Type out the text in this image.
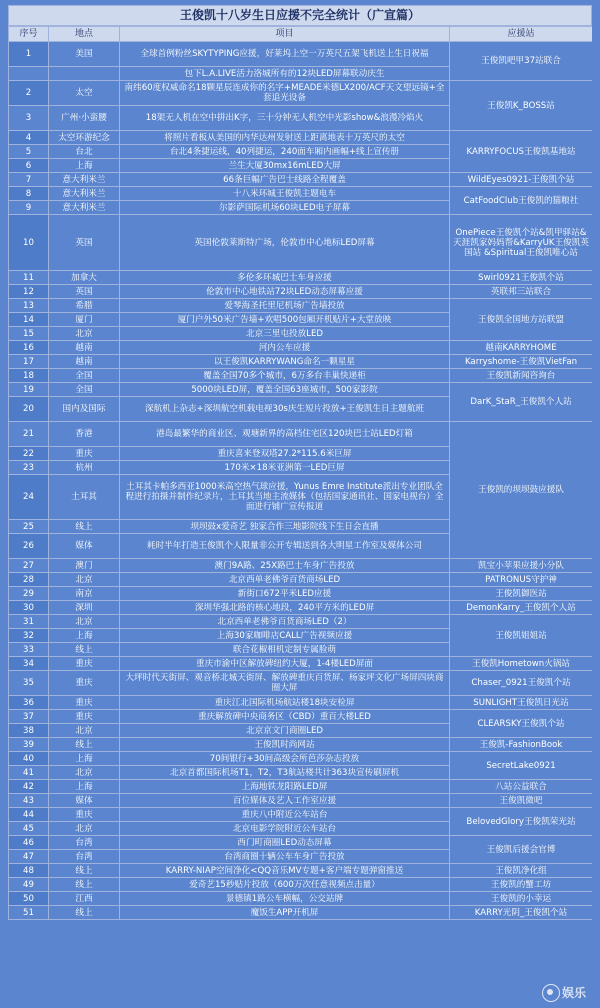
王俊凯十八岁生日应援不完全统计（广宣篇）
序号	地点	项目	应援站
1	美国	全球首例粉丝SKYTYPING应援，好莱坞上空一万英尺五架飞机送上生日祝福	王俊凯吧甲37站联合
		包下L.A.LIVE活力洛城所有的12块LED屏幕联动庆生	
2	太空	南纬60度权威命名18颗星辰连成你的名字+MEADE米德LX200/ACF天文望远镜+全套追光设备	王俊凯K_BOSS站
3	广州·小蛮腰	18架无人机在空中拼出K字，三十分钟无人机空中光影show&浪漫冷焰火	
4	太空环游纪念	将照片看板从美国的内华达州发射送上距离地表十万英尺的太空	KARRYFOCUS王俊凯基地站
5	台北	台北4条捷运线，40列捷运，240面车厢内画幅+线上宣传册	
6	上海	兰生大厦30mx16mLED大屏	
7	意大利米兰	66条巨幅广告巴士线路全程覆盖	WildEyes0921-王俊凯个站
8	意大利米兰	十八米环城王俊凯主题电车	CatFoodClub王俊凯的猫粮社
9	意大利米兰	尔影萨国际机场60块LED电子屏幕	
10	英国	英国伦敦莱斯特广场，伦敦市中心地标LED屏幕	OnePiece王俊凯个站&凯甲驿站&天涯凯家妈妈帮&KarryUK王俊凯英国站 &Spiritual王俊凯唯心站
11	加拿大	多伦多环城巴士车身应援	Swirl0921王俊凯个站
12	英国	伦敦市中心地铁站72块LED动态屏幕应援	英联邦三站联合
13	希腊	爱琴海圣托里尼机场广告墙投放	王俊凯全国地方站联盟
14	厦门	厦门户外50米广告墙+欢唱500包厢开机贴片+大堂放映	
15	北京	北京三里屯投放LED	
16	越南	河内公车应援	越南KARRYHOME
17	越南	以王俊凯KARRYWANG命名一颗星星	Karryshome-王俊凯VietFan
18	全国	覆盖全国70多个城市，6万多台丰巢快递柜	王俊凯新闻咨询台
19	全国	5000块LED屏，覆盖全国63座城市，500家影院	DarK_StaR_王俊凯个人站
20	国内及国际	深航机上杂志+深圳航空机载电视30s庆生短片投放+王俊凯生日主题航班	
21	香港	港岛最繁华的商业区、观塘新界的高档住宅区120块巴士站LED灯箱	王俊凯的坝坝鼓应援队
22	重庆	重庆喜来登双塔27.2*115.6米巨屏	
23	杭州	170米×18米亚洲第一LED巨屏	
24	土耳其	土耳其卡帕多西亚1000米高空热气球应援，Yunus Emre Institute派出专业团队全程进行拍摄并制作纪录片，土耳其当地主流媒体（包括国家通讯社、国家电视台）全面进行铺广宣传报道	
25	线上	坝坝鼓x爱奇艺 独家合作三地影院线下生日会直播	
26	媒体	耗时半年打造王俊凯个人限量非公开专辑送到各大明星工作室及媒体公司	
27	澳门	澳门9A路、25X路巴士车身广告投放	凯宝小苹果应援小分队
28	北京	北京西单老佛爷百货商场LED	PATRONUS守护神
29	南京	新街口672平米LED应援	王俊凯御医站
30	深圳	深圳华强北路的核心地段，240平方米的LED屏	DemonKarry_王俊凯个人站
31	北京	北京西单老佛爷百货商场LED（2）	王俊凯姐姐站
32	上海	上海30家咖啡店CALL广告视频应援	
33	线上	联合花椒相机定制专属脸萌	
34	重庆	重庆市渝中区解放碑纽约大厦，1-4楼LED屏面	王俊凯Hometown火锅站
35	重庆	大坪时代天街屏、观音桥北城天街屏、解放碑重庆百货屏、杨家坪文化广场屏四块商圈大屏	Chaser_0921王俊凯个站
36	重庆	重庆江北国际机场航站楼18块安检屏	SUNLIGHT王俊凯日光站
37	重庆	重庆解放碑中央商务区（CBD）重百大楼LED	CLEARSKY王俊凯个站
38	北京	北京京文门商圈LED	
39	线上	王俊凯时尚网站	王俊凯-FashionBook
40	上海	70间银行+30间高级会所芭莎杂志投放	SecretLake0921
41	北京	北京首都国际机场T1，T2，T3航站楼共计363块宣传刷屏机	
42	上海	上海地铁龙阳路LED屏	八站公益联合
43	媒体	百位媒体及艺人工作室应援	王俊凯微吧
44	重庆	重庆八中附近公车站台	BelovedGlory王俊凯荣光站
45	北京	北京电影学院附近公车站台	
46	台湾	西门町商圈LED动态屏幕	王俊凯后援会官博
47	台湾	台湾商圈十辆公车车身广告投放	
48	线上	KARRY-NIAP空间净化<QQ音乐MV专题+客户端专题弹窗推送	王俊凯净化组
49	线上	爱奇艺15秒贴片投放（600万次任意视频点击量）	王俊凯的蟹工坊
50	江西	景德镇1路公车横幅，公交站牌	王俊凯的小幸运
51	线上	魔饭生APP开机屏	KARRY光阴_王俊凯个站
娱乐
